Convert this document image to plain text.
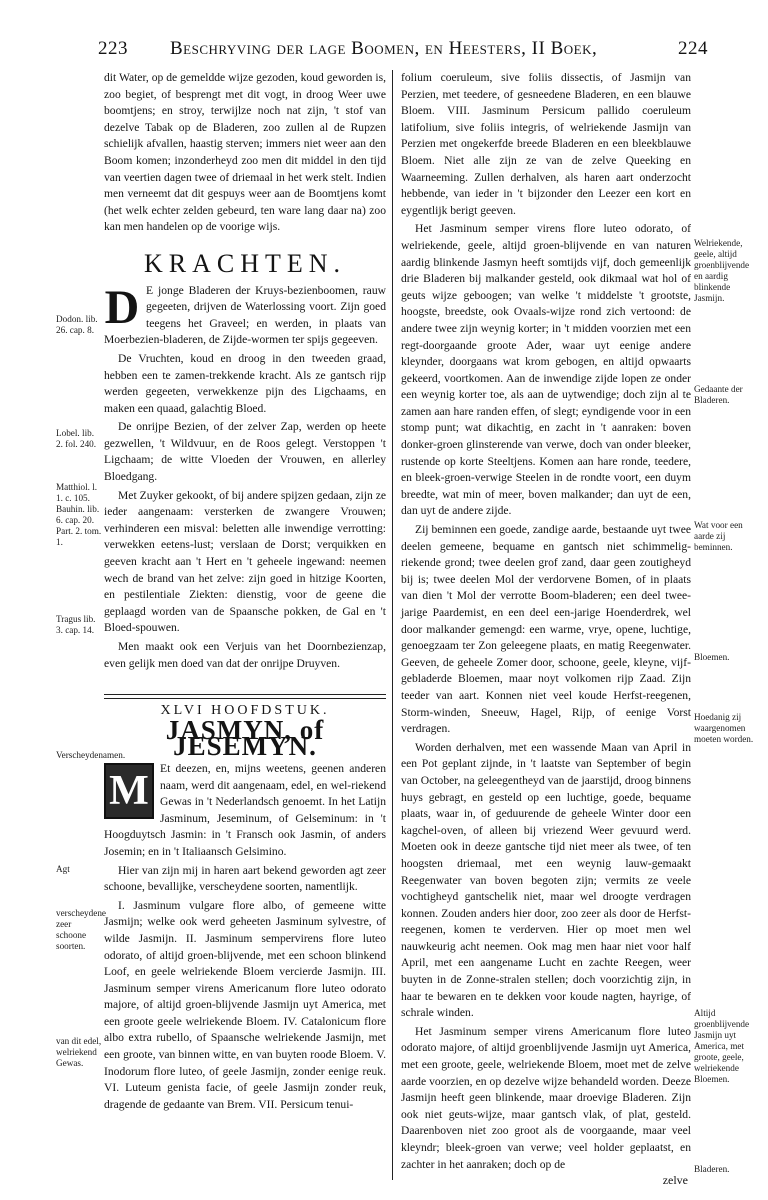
223 Beschryving der lage Boomen, en Heesters, II Boek,	224

dit Water, op de gemeldde wijze gezoden, koud geworden is, zoo begiet, of besprengt met dit vogt, in droog Weer uwe boomtjens; en stroy, terwijlze noch nat zijn, 't stof van dezelve Tabak op de Bladeren, zoo zullen al de Rupzen schielijk afvallen, haastig sterven; immers niet weer aan den Boom komen; inzonderheyd zoo men dit middel in den tijd van veertien dagen twee of driemaal in het werk stelt. Indien men verneemt dat dit gespuys weer aan de Boomtjens komt (het welk echter zelden gebeurd, ten ware lang daar na) zoo kan men handelen op de voorige wijs.

KRACHTEN.
D E jonge Bladeren der Kruys-bezienboomen, rauw gegeeten, drijven de Waterlossing voort. Zijn goed teegens het Graveel; en werden, in plaats van Moerbezien-bladeren, de Zijde-wormen ter spijs gegeeven.

De Vruchten, koud en droog in den tweeden graad, hebben een te zamen-trekkende kracht. Als ze gantsch rijp werden gegeeten, verwekkenze pijn des Ligchaams, en maken een quaad, galachtig Bloed.

De onrijpe Bezien, of der zelver Zap, werden op heete gezwellen, 't Wildvuur, en de Roos gelegt. Verstoppen 't Ligchaam; de witte Vloeden der Vrouwen, en allerley Bloedgang.

Met Zuyker gekookt, of bij andere spijzen gedaan, zijn ze ieder aangenaam: versterken de zwangere Vrouwen; verhinderen een misval: beletten alle inwendige verrotting: verwekken eetens-lust; verslaan de Dorst; verquikken en geeven kracht aan 't Hert en 't geheele ingewand: neemen wech de brand van het zelve: zijn goed in hitzige Koorten, en pestilentiale Ziekten: dienstig, voor de geene die geplaagd worden van de Spaansche pokken, de Gal en 't Bloed-spouwen.

Men maakt ook een Verjuis van het Doornbezienzap, even gelijk men doed van dat der onrijpe Druyven.

XLVI HOOFDSTUK.
JASMYN, of JESEMYN.
M Et deezen, en, mijns weetens, geenen anderen naam, werd dit aangenaam, edel, en wel-riekend Gewas in 't Nederlandsch genoemt. In het Latijn Jasminum, Jeseminum, of Gelseminum: in 't Hoogduytsch Jasmin: in 't Fransch ook Jasmin, of anders Josemin; en in 't Italiaansch Gelsimino.

Hier van zijn mij in haren aart bekend geworden agt zeer schoone, bevallijke, verscheydene soorten, namentlijk.

I. Jasminum vulgare flore albo, of gemeene witte Jasmijn; welke ook werd geheeten Jasminum sylvestre, of wilde Jasmijn. II. Jasminum sempervirens flore luteo odorato, of altijd groen-blijvende, met een schoon blinkend Loof, en geele welriekende Bloem vercierde Jasmijn. III. Jasminum semper virens Americanum flore luteo odorato majore, of altijd groen-blijvende Jasmijn uyt America, met een groote geele welriekende Bloem. IV. Catalonicum flore albo extra rubello, of Spaansche welriekende Jasmijn, met een groote, van binnen witte, en van buyten roode Bloem. V. Inodorum flore luteo, of geele Jasmijn, zonder eenige reuk. VI. Luteum genista facie, of geele Jasmijn zonder reuk, dragende de gedaante van Brem. VII. Persicum tenui-

folium coeruleum, sive foliis dissectis, of Jasmijn van Perzien, met teedere, of gesneedene Bladeren, en een blauwe Bloem. VIII. Jasminum Persicum pallido coeruleum latifolium, sive foliis integris, of welriekende Jasmijn van Perzien met ongekerfde breede Bladeren en een bleekblauwe Bloem. Niet alle zijn ze van de zelve Queeking en Waarneeming. Zullen derhalven, als haren aart onderzocht hebbende, van ieder in 't bijzonder den Leezer een kort en eygentlijk berigt geeven.

Het Jasminum semper virens flore luteo odorato, of welriekende, geele, altijd groen-blijvende en van naturen aardig blinkende Jasmyn heeft somtijds vijf, doch gemeenlijk drie Bladeren bij malkander gesteld, ook dikmaal wat hol of geuts wijze geboogen; van welke 't middelste 't grootste, hoogste, breedste, ook Ovaals-wijze rond zich vertoond: de andere twee zijn weynig korter; in 't midden voorzien met een regt-doorgaande groote Ader, waar uyt eenige andere kleynder, doorgaans wat krom gebogen, en altijd opwaarts gekeerd, voortkomen. Aan de inwendige zijde lopen ze onder een weynig korter toe, als aan de uytwendige; doch zijn al te zamen aan hare randen effen, of slegt; eyndigende voor in een stomp punt; wat dikachtig, en zacht in 't aanraken: boven donker-groen glinsterende van verwe, doch van onder bleeker, rustende op korte Steeltjens. Komen aan hare ronde, teedere, en bleek-groen-verwige Steelen in de rondte voort, een duym breedte, wat min of meer, boven malkander; dan uyt de een, dan uyt de andere zijde.

Zij beminnen een goede, zandige aarde, bestaande uyt twee deelen gemeene, bequame en gantsch niet schimmelig-riekende grond; twee deelen grof zand, daar geen zoutigheyd bij is; twee deelen Mol der verdorvene Bomen, of in plaats van dien 't Mol der verrotte Boom-bladeren; een deel twee-jarige Paardemist, en een deel een-jarige Hoenderdrek, wel door malkander gemengd: een warme, vrye, opene, luchtige, genoegzaam ter Zon geleegene plaats, en matig Reegenwater. Geeven, de geheele Zomer door, schoone, geele, kleyne, vijf-gebladerde Bloemen, maar noyt volkomen rijp Zaad. Zijn teeder van aart. Konnen niet veel koude Herfst-reegenen, Storm-winden, Sneeuw, Hagel, Rijp, of eenige Vorst verdragen.

Worden derhalven, met een wassende Maan van April in een Pot geplant zijnde, in 't laatste van September of begin van October, na geleegentheyd van de jaarstijd, droog binnens huys gebragt, en gesteld op een luchtige, goede, bequame plaats, waar in, of geduurende de geheele Winter door een kagchel-oven, of alleen bij vriezend Weer gevuurd werd. Moeten ook in deeze gantsche tijd niet meer als twee, of ten hoogsten driemaal, met een weynig lauw-gemaakt Reegenwater van boven begoten zijn; vermits ze veele vochtigheyd gantschelik niet, maar wel droogte verdragen konnen. Zouden anders hier door, zoo zeer als door de Herfst-reegenen, komen te verderven. Hier op moet men wel nauwkeurig acht neemen. Ook mag men haar niet voor half April, met een aangename Lucht en zachte Reegen, weer buyten in de Zonne-stralen stellen; doch voorzichtig zijn, in haar te bewaren en te dekken voor koude nagten, hayrige, of schrale winden.

Het Jasminum semper virens Americanum flore luteo odorato majore, of altijd groenblijvende Jasmijn uyt America, met een groote, geele, welriekende Bloem, moet met de zelve aarde voorzien, en op dezelve wijze behandeld worden. Deeze Jasmijn heeft geen blinkende, maar droevige Bladeren. Zijn ook niet geuts-wijze, maar gantsch vlak, of plat, gesteld. Daarenboven niet zoo groot als de voorgaande, maar veel kleyndr; bleek-groen van verwe; veel holder geplaatst, en zachter in het aanraken; doch op de

zelve
Dodon. lib. 26. cap. 8.
Lobel. lib. 2. fol. 240.
Matthiol. l. 1. c. 105. Bauhin. lib. 6. cap. 20. Part. 2. tom. 1.
Tragus lib. 3. cap. 14.
Verscheydenamen.
Agt
verscheydene zeer schoone soorten.
van dit edel, welriekend Gewas.
Welriekende, geele, altijd groenblijvende en aardig blinkende Jasmijn.
Gedaante der Bladeren.
Wat voor een aarde zij beminnen.
Bloemen.
Hoedanig zij waargenomen moeten worden.
Altijd groenblijvende Jasmijn uyt America, met groote, geele, welriekende Bloemen.
Bladeren.
